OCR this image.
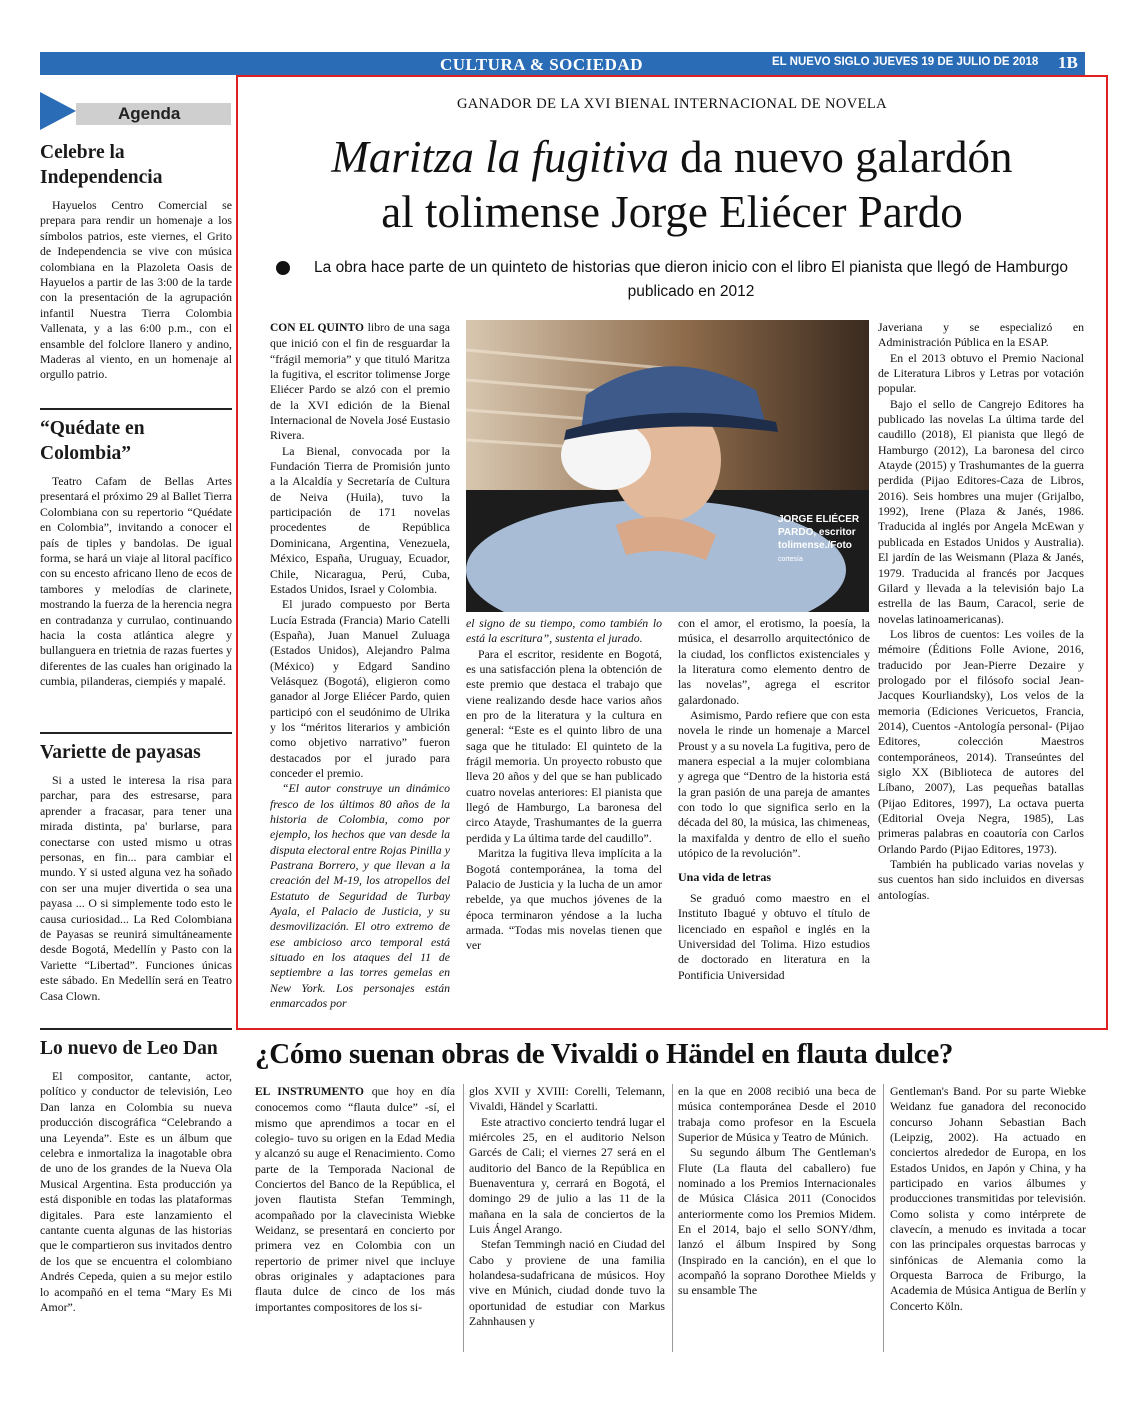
CULTURA & SOCIEDAD	EL NUEVO SIGLO JUEVES 19 DE JULIO DE 2018 1B
Agenda
Celebre la Independencia

Hayuelos Centro Comercial se prepara para rendir un homenaje a los símbolos patrios, este viernes, el Grito de Independencia se vive con música colombiana en la Plazoleta Oasis de Hayuelos a partir de las 3:00 de la tarde con la presentación de la agrupación infantil Nuestra Tierra Colombia Vallenata, y a las 6:00 p.m., con el ensamble del folclore llanero y andino, Maderas al viento, en un homenaje al orgullo patrio.

“Quédate en Colombia”

Teatro Cafam de Bellas Artes presentará el próximo 29 al Ballet Tierra Colombiana con su repertorio “Quédate en Colombia”, invitando a conocer el país de tiples y bandolas. De igual forma, se hará un viaje al litoral pacífico con su encesto africano lleno de ecos de tambores y melodías de clarinete, mostrando la fuerza de la herencia negra en contradanza y currulao, continuando hacia la costa atlántica alegre y bullanguera en trietnia de razas fuertes y diferentes de las cuales han originado la cumbia, pilanderas, ciempiés y mapalé.

Variette de payasas

Si a usted le interesa la risa para parchar, para des estresarse, para aprender a fracasar, para tener una mirada distinta, pa' burlarse, para conectarse con usted mismo u otras personas, en fin... para cambiar el mundo. Y si usted alguna vez ha soñado con ser una mujer divertida o sea una payasa ... O si simplemente todo esto le causa curiosidad... La Red Colombiana de Payasas se reunirá simultáneamente desde Bogotá, Medellín y Pasto con la Variette “Libertad”. Funciones únicas este sábado. En Medellín será en Teatro Casa Clown.

Lo nuevo de Leo Dan

El compositor, cantante, actor, político y conductor de televisión, Leo Dan lanza en Colombia su nueva producción discográfica “Celebrando a una Leyenda”. Este es un álbum que celebra e inmortaliza la inagotable obra de uno de los grandes de la Nueva Ola Musical Argentina. Esta producción ya está disponible en todas las plataformas digitales. Para este lanzamiento el cantante cuenta algunas de las historias que le compartieron sus invitados dentro de los que se encuentra el colombiano Andrés Cepeda, quien a su mejor estilo lo acompañó en el tema “Mary Es Mi Amor”.

GANADOR DE LA XVI BIENAL INTERNACIONAL DE NOVELA
Maritza la fugitiva da nuevo galardón
al tolimense Jorge Eliécer Pardo
La obra hace parte de un quinteto de historias que dieron inicio con el libro El pianista que llegó de Hamburgo publicado en 2012

CON EL QUINTO libro de una saga que inició con el fin de resguardar la “frágil memoria” y que tituló Maritza la fugitiva, el escritor tolimense Jorge Eliécer Pardo se alzó con el premio de la XVI edición de la Bienal Internacional de Novela José Eustasio Rivera.

La Bienal, convocada por la Fundación Tierra de Promisión junto a la Alcaldía y Secretaría de Cultura de Neiva (Huila), tuvo la participación de 171 novelas procedentes de República Dominicana, Argentina, Venezuela, México, España, Uruguay, Ecuador, Chile, Nicaragua, Perú, Cuba, Estados Unidos, Israel y Colombia.

El jurado compuesto por Berta Lucía Estrada (Francia) Mario Catelli (España), Juan Manuel Zuluaga (Estados Unidos), Alejandro Palma (México) y Edgard Sandino Velásquez (Bogotá), eligieron como ganador al Jorge Eliécer Pardo, quien participó con el seudónimo de Ulrika y los “méritos literarios y ambición como objetivo narrativo” fueron destacados por el jurado para conceder el premio.

“El autor construye un dinámico fresco de los últimos 80 años de la historia de Colombia, como por ejemplo, los hechos que van desde la disputa electoral entre Rojas Pinilla y Pastrana Borrero, y que llevan a la creación del M-19, los atropellos del Estatuto de Seguridad de Turbay Ayala, el Palacio de Justicia, y su desmovilización. El otro extremo de ese ambicioso arco temporal está situado en los ataques del 11 de septiembre a las torres gemelas en New York. Los personajes están enmarcados por

JORGE ELIÉCER PARDO, escritor tolimense./Foto
cortesía

el signo de su tiempo, como también lo está la escritura”, sustenta el jurado.

Para el escritor, residente en Bogotá, es una satisfacción plena la obtención de este premio que destaca el trabajo que viene realizando desde hace varios años en pro de la literatura y la cultura en general: “Este es el quinto libro de una saga que he titulado: El quinteto de la frágil memoria. Un proyecto robusto que lleva 20 años y del que se han publicado cuatro novelas anteriores: El pianista que llegó de Hamburgo, La baronesa del circo Atayde, Trashumantes de la guerra perdida y La última tarde del caudillo”.

Maritza la fugitiva lleva implícita a la Bogotá contemporánea, la toma del Palacio de Justicia y la lucha de un amor rebelde, ya que muchos jóvenes de la época terminaron yéndose a la lucha armada. “Todas mis novelas tienen que ver

con el amor, el erotismo, la poesía, la música, el desarrollo arquitectónico de la ciudad, los conflictos existenciales y la literatura como elemento dentro de las novelas”, agrega el escritor galardonado.

Asimismo, Pardo refiere que con esta novela le rinde un homenaje a Marcel Proust y a su novela La fugitiva, pero de manera especial a la mujer colombiana y agrega que “Dentro de la historia está la gran pasión de una pareja de amantes con todo lo que significa serlo en la década del 80, la música, las chimeneas, la maxifalda y dentro de ello el sueño utópico de la revolución”.

Una vida de letras

Se graduó como maestro en el Instituto Ibagué y obtuvo el título de licenciado en español e inglés en la Universidad del Tolima. Hizo estudios de doctorado en literatura en la Pontificia Universidad

Javeriana y se especializó en Administración Pública en la ESAP.

En el 2013 obtuvo el Premio Nacional de Literatura Libros y Letras por votación popular.

Bajo el sello de Cangrejo Editores ha publicado las novelas La última tarde del caudillo (2018), El pianista que llegó de Hamburgo (2012), La baronesa del circo Atayde (2015) y Trashumantes de la guerra perdida (Pijao Editores-Caza de Libros, 2016). Seis hombres una mujer (Grijalbo, 1992), Irene (Plaza & Janés, 1986. Traducida al inglés por Angela McEwan y publicada en Estados Unidos y Australia). El jardín de las Weismann (Plaza & Janés, 1979. Traducida al francés por Jacques Gilard y llevada a la televisión bajo La estrella de las Baum, Caracol, serie de novelas latinoamericanas).

Los libros de cuentos: Les voiles de la mémoire (Éditions Folle Avione, 2016, traducido por Jean-Pierre Dezaire y prologado por el filósofo social Jean-Jacques Kourliandsky), Los velos de la memoria (Ediciones Vericuetos, Francia, 2014), Cuentos -Antología personal- (Pijao Editores, colección Maestros contemporáneos, 2014). Transeúntes del siglo XX (Biblioteca de autores del Líbano, 2007), Las pequeñas batallas (Pijao Editores, 1997), La octava puerta (Editorial Oveja Negra, 1985), Las primeras palabras en coautoría con Carlos Orlando Pardo (Pijao Editores, 1973).

También ha publicado varias novelas y sus cuentos han sido incluidos en diversas antologías.

¿Cómo suenan obras de Vivaldi o Händel en flauta dulce?

EL INSTRUMENTO que hoy en día conocemos como “flauta dulce” -sí, el mismo que aprendimos a tocar en el colegio- tuvo su origen en la Edad Media y alcanzó su auge el Renacimiento. Como parte de la Temporada Nacional de Conciertos del Banco de la República, el joven flautista Stefan Temmingh, acompañado por la clavecinista Wiebke Weidanz, se presentará en concierto por primera vez en Colombia con un repertorio de primer nivel que incluye obras originales y adaptaciones para flauta dulce de cinco de los más importantes compositores de los si-

glos XVII y XVIII: Corelli, Telemann, Vivaldi, Händel y Scarlatti.

Este atractivo concierto tendrá lugar el miércoles 25, en el auditorio Nelson Garcés de Cali; el viernes 27 será en el auditorio del Banco de la República en Buenaventura y, cerrará en Bogotá, el domingo 29 de julio a las 11 de la mañana en la sala de conciertos de la Luis Ángel Arango.

Stefan Temmingh nació en Ciudad del Cabo y proviene de una familia holandesa-sudafricana de músicos. Hoy vive en Múnich, ciudad donde tuvo la oportunidad de estudiar con Markus Zahnhausen y

en la que en 2008 recibió una beca de música contemporánea Desde el 2010 trabaja como profesor en la Escuela Superior de Música y Teatro de Múnich.

Su segundo álbum The Gentleman's Flute (La flauta del caballero) fue nominado a los Premios Internacionales de Música Clásica 2011 (Conocidos anteriormente como los Premios Midem. En el 2014, bajo el sello SONY/dhm, lanzó el álbum Inspired by Song (Inspirado en la canción), en el que lo acompañó la soprano Dorothee Mields y su ensamble The

Gentleman's Band. Por su parte Wiebke Weidanz fue ganadora del reconocido concurso Johann Sebastian Bach (Leipzig, 2002). Ha actuado en conciertos alrededor de Europa, en los Estados Unidos, en Japón y China, y ha participado en varios álbumes y producciones transmitidas por televisión. Como solista y como intérprete de clavecín, a menudo es invitada a tocar con las principales orquestas barrocas y sinfónicas de Alemania como la Orquesta Barroca de Friburgo, la Academia de Música Antigua de Berlín y Concerto Köln.
